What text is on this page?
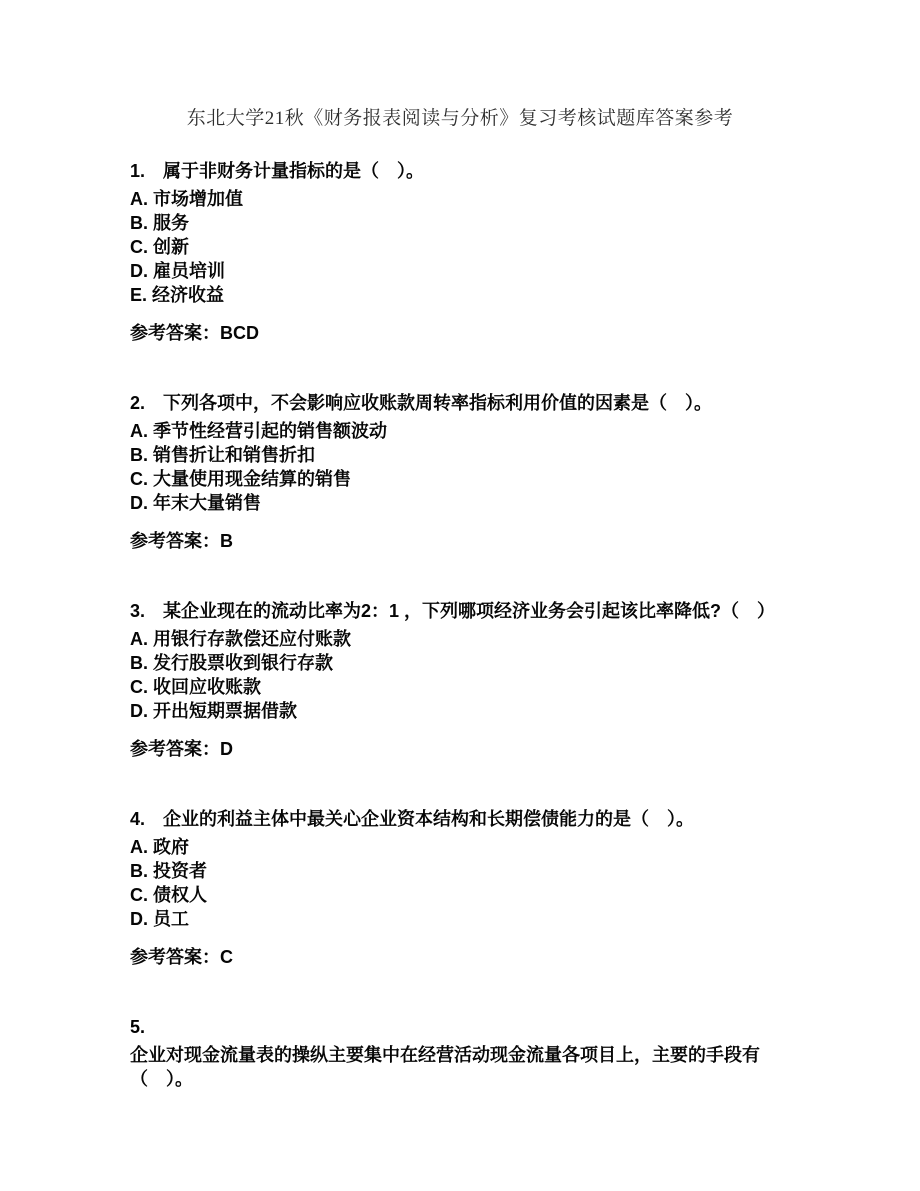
东北大学21秋《财务报表阅读与分析》复习考核试题库答案参考

1. 属于非财务计量指标的是（　）。

A. 市场增加值

B. 服务

C. 创新

D. 雇员培训

E. 经济收益

参考答案：BCD

2. 下列各项中，不会影响应收账款周转率指标利用价值的因素是（　）。

A. 季节性经营引起的销售额波动

B. 销售折让和销售折扣

C. 大量使用现金结算的销售

D. 年末大量销售

参考答案：B

3. 某企业现在的流动比率为2：1 ，下列哪项经济业务会引起该比率降低?（　）

A. 用银行存款偿还应付账款

B. 发行股票收到银行存款

C. 收回应收账款

D. 开出短期票据借款

参考答案：D

4. 企业的利益主体中最关心企业资本结构和长期偿债能力的是（　）。

A. 政府

B. 投资者

C. 债权人

D. 员工

参考答案：C

5.

企业对现金流量表的操纵主要集中在经营活动现金流量各项目上，主要的手段有（　）。
